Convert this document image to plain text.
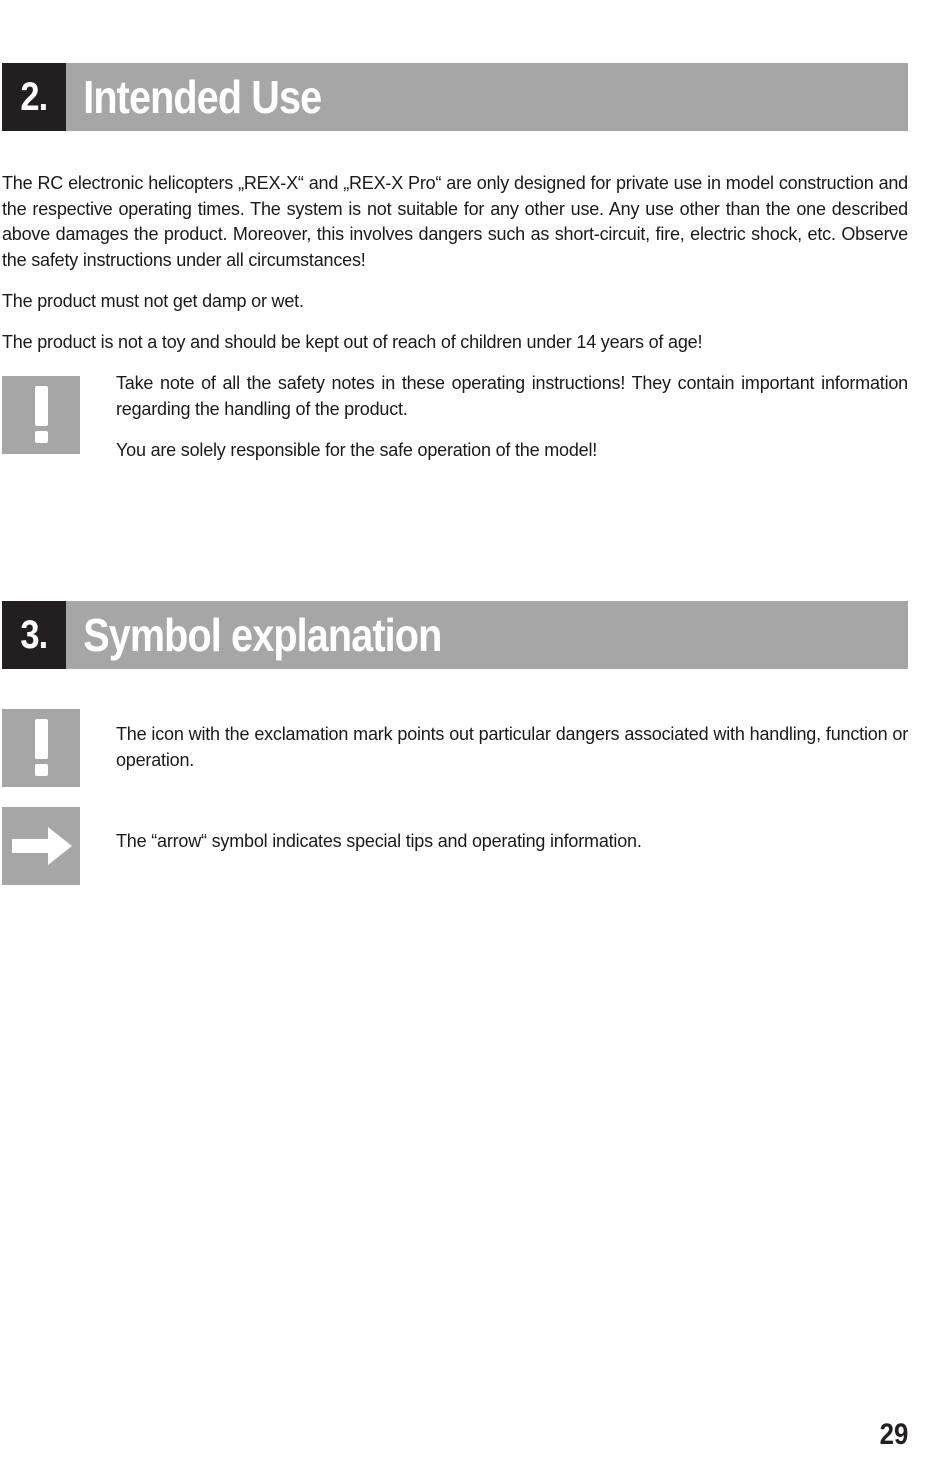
2. Intended Use

The RC electronic helicopters „REX-X“ and „REX-X Pro“ are only designed for private use in model construction and the respective operating times. The system is not suitable for any other use. Any use other than the one described above damages the product. Moreover, this involves dangers such as short-circuit, fire, electric shock, etc. Observe the safety instructions under all circumstances!

The product must not get damp or wet.

The product is not a toy and should be kept out of reach of children under 14 years of age!

Take note of all the safety notes in these operating instructions! They contain important information regarding the handling of the product.

You are solely responsible for the safe operation of the model!

3. Symbol explanation

The icon with the exclamation mark points out particular dangers associated with handling, function or operation.

The “arrow“ symbol indicates special tips and operating information.

29
